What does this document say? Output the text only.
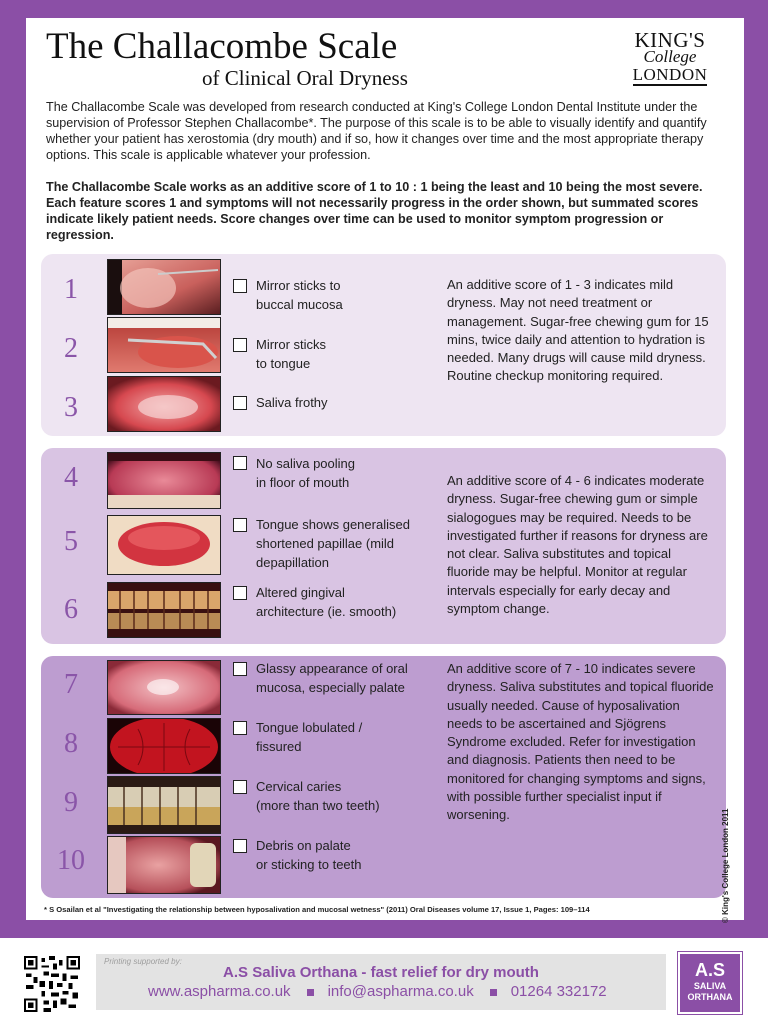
The Challacombe Scale
of Clinical Oral Dryness
KING'S
College
LONDON

The Challacombe Scale was developed from research conducted at King's College London Dental Institute under the supervision of Professor Stephen Challacombe*. The purpose of this scale is to be able to visually identify and quantify whether your patient has xerostomia (dry mouth) and if so, how it changes over time and the most appropriate therapy options. This scale is applicable whatever your profession.

The Challacombe Scale works as an additive score of 1 to 10 : 1 being the least and 10 being the most severe. Each feature scores 1 and symptoms will not necessarily progress in the order shown, but summated scores indicate likely patient needs. Score changes over time can be used to monitor symptom progression or regression.

1	Mirror sticks to
buccal mucosa
2	Mirror sticks
to tongue
3	Saliva frothy

An additive score of 1 - 3 indicates mild dryness. May not need treatment or management. Sugar-free chewing gum for 15 mins, twice daily and attention to hydration is needed. Many drugs will cause mild dryness. Routine checkup monitoring required.

4	No saliva pooling
in floor of mouth
5
Tongue shows generalised
shortened papillae (mild
depapillation
6
Altered gingival
architecture (ie. smooth)

An additive score of 4 - 6 indicates moderate dryness. Sugar-free chewing gum or simple sialogogues may be required. Needs to be investigated further if reasons for dryness are not clear. Saliva substitutes and topical fluoride may be helpful. Monitor at regular intervals especially for early decay and symptom change.

7
Glassy appearance of oral
mucosa, especially palate
8
Tongue lobulated /
fissured
9
Cervical caries
(more than two teeth)
10	Debris on palate
or sticking to teeth

An additive score of 7 - 10 indicates severe dryness. Saliva substitutes and topical fluoride usually needed. Cause of hyposalivation needs to be ascertained and Sjögrens Syndrome excluded. Refer for investigation and diagnosis. Patients then need to be monitored for changing symptoms and signs, with possible further specialist input if worsening.

* S Osailan et al "Investigating the relationship between hyposalivation and mucosal wetness" (2011) Oral Diseases volume 17, Issue 1, Pages: 109–114	© King's College London 2011
Printing supported by:
A.S Saliva Orthana - fast relief for dry mouth
www.aspharma.co.uk info@aspharma.co.uk 01264 332172
A.S
SALIVA
ORTHANA
